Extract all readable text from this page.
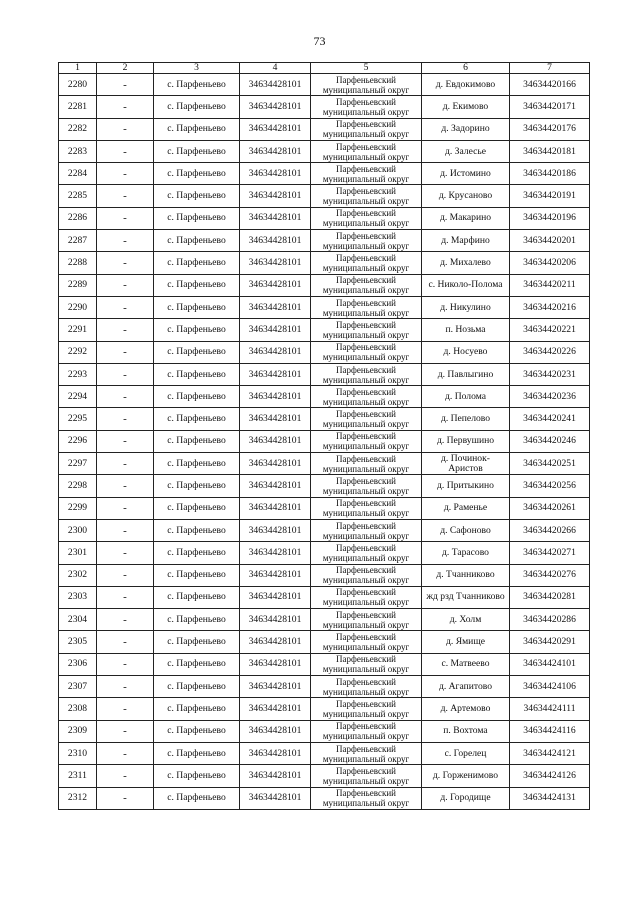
73
1	2	3	4	5	6	7
2280	-	с. Парфеньево	34634428101	Парфеньевский муниципальный округ	д. Евдокимово	34634420166
2281	-	с. Парфеньево	34634428101	Парфеньевский муниципальный округ	д. Екимово	34634420171
2282	-	с. Парфеньево	34634428101	Парфеньевский муниципальный округ	д. Задорино	34634420176
2283	-	с. Парфеньево	34634428101	Парфеньевский муниципальный округ	д. Залесье	34634420181
2284	-	с. Парфеньево	34634428101	Парфеньевский муниципальный округ	д. Истомино	34634420186
2285	-	с. Парфеньево	34634428101	Парфеньевский муниципальный округ	д. Крусаново	34634420191
2286	-	с. Парфеньево	34634428101	Парфеньевский муниципальный округ	д. Макарино	34634420196
2287	-	с. Парфеньево	34634428101	Парфеньевский муниципальный округ	д. Марфино	34634420201
2288	-	с. Парфеньево	34634428101	Парфеньевский муниципальный округ	д. Михалево	34634420206
2289	-	с. Парфеньево	34634428101	Парфеньевский муниципальный округ	с. Николо-Полома	34634420211
2290	-	с. Парфеньево	34634428101	Парфеньевский муниципальный округ	д. Никулино	34634420216
2291	-	с. Парфеньево	34634428101	Парфеньевский муниципальный округ	п. Нозьма	34634420221
2292	-	с. Парфеньево	34634428101	Парфеньевский муниципальный округ	д. Носуево	34634420226
2293	-	с. Парфеньево	34634428101	Парфеньевский муниципальный округ	д. Павлыгино	34634420231
2294	-	с. Парфеньево	34634428101	Парфеньевский муниципальный округ	д. Полома	34634420236
2295	-	с. Парфеньево	34634428101	Парфеньевский муниципальный округ	д. Пепелово	34634420241
2296	-	с. Парфеньево	34634428101	Парфеньевский муниципальный округ	д. Первушино	34634420246
2297	-	с. Парфеньево	34634428101	Парфеньевский муниципальный округ	д. Починок-Аристов	34634420251
2298	-	с. Парфеньево	34634428101	Парфеньевский муниципальный округ	д. Притыкино	34634420256
2299	-	с. Парфеньево	34634428101	Парфеньевский муниципальный округ	д. Раменье	34634420261
2300	-	с. Парфеньево	34634428101	Парфеньевский муниципальный округ	д. Сафоново	34634420266
2301	-	с. Парфеньево	34634428101	Парфеньевский муниципальный округ	д. Тарасово	34634420271
2302	-	с. Парфеньево	34634428101	Парфеньевский муниципальный округ	д. Тчанниково	34634420276
2303	-	с. Парфеньево	34634428101	Парфеньевский муниципальный округ	жд рзд Тчанниково	34634420281
2304	-	с. Парфеньево	34634428101	Парфеньевский муниципальный округ	д. Холм	34634420286
2305	-	с. Парфеньево	34634428101	Парфеньевский муниципальный округ	д. Ямище	34634420291
2306	-	с. Парфеньево	34634428101	Парфеньевский муниципальный округ	с. Матвеево	34634424101
2307	-	с. Парфеньево	34634428101	Парфеньевский муниципальный округ	д. Агапитово	34634424106
2308	-	с. Парфеньево	34634428101	Парфеньевский муниципальный округ	д. Артемово	34634424111
2309	-	с. Парфеньево	34634428101	Парфеньевский муниципальный округ	п. Вохтома	34634424116
2310	-	с. Парфеньево	34634428101	Парфеньевский муниципальный округ	с. Горелец	34634424121
2311	-	с. Парфеньево	34634428101	Парфеньевский муниципальный округ	д. Горженимово	34634424126
2312	-	с. Парфеньево	34634428101	Парфеньевский муниципальный округ	д. Городище	34634424131
